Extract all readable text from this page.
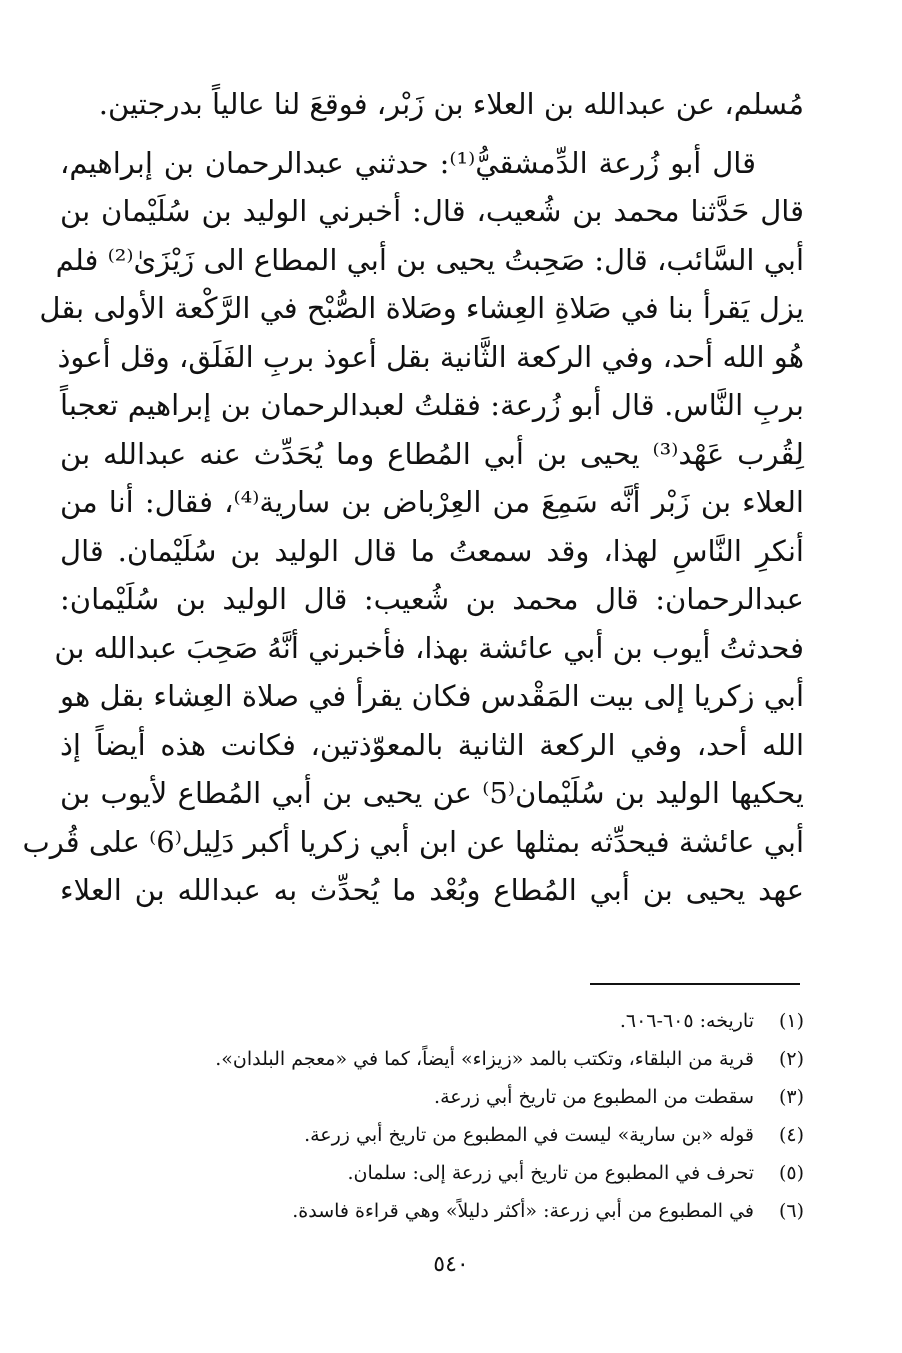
مُسلم، عن عبدالله بن العلاء بن زَبْر، فوقعَ لنا عالياً بدرجتين.
قال أبو زُرعة الدِّمشقيُّ⁽¹⁾: حدثني عبدالرحمان بن إبراهيم،
قال حَدَّثنا محمد بن شُعيب، قال: أخبرني الوليد بن سُلَيْمان بن
أبي السَّائب، قال: صَحِبتُ يحيى بن أبي المطاع الى زَيْزَىٰ⁽²⁾ فلم
يزل يَقرأ بنا في صَلاةِ العِشاء وصَلاة الصُّبْح في الرَّكْعة الأولى بقل
هُو الله أحد، وفي الركعة الثَّانية بقل أعوذ بربِ الفَلَق، وقل أعوذ
بربِ النَّاس. قال أبو زُرعة: فقلتُ لعبدالرحمان بن إبراهيم تعجباً
لِقُرب عَهْد⁽³⁾ يحيى بن أبي المُطاع وما يُحَدِّث عنه عبدالله بن
العلاء بن زَبْر أنَّه سَمِعَ من العِرْباض بن سارية⁽⁴⁾، فقال: أنا من
أنكرِ النَّاسِ لهذا، وقد سمعتُ ما قال الوليد بن سُلَيْمان. قال
عبدالرحمان: قال محمد بن شُعيب: قال الوليد بن سُلَيْمان:
فحدثتُ أيوب بن أبي عائشة بهذا، فأخبرني أنَّهُ صَحِبَ عبدالله بن
أبي زكريا إلى بيت المَقْدس فكان يقرأ في صلاة العِشاء بقل هو
الله أحد، وفي الركعة الثانية بالمعوّذتين، فكانت هذه أيضاً إذ
يحكيها الوليد بن سُلَيْمان⁽5⁾ عن يحيى بن أبي المُطاع لأيوب بن
أبي عائشة فيحدِّثه بمثلها عن ابن أبي زكريا أكبر دَلِيل⁽6⁾ على قُرب
عهد يحيى بن أبي المُطاع وبُعْد ما يُحدِّث به عبدالله بن العلاء
(١)
تاريخه: ٦٠٥-٦٠٦.
(٢)
قرية من البلقاء، وتكتب بالمد «زيزاء» أيضاً، كما في «معجم البلدان».
(٣)
سقطت من المطبوع من تاريخ أبي زرعة.
(٤)
قوله «بن سارية» ليست في المطبوع من تاريخ أبي زرعة.
(٥)
تحرف في المطبوع من تاريخ أبي زرعة إلى: سلمان.
(٦)
في المطبوع من أبي زرعة: «أكثر دليلاً» وهي قراءة فاسدة.
٥٤٠
